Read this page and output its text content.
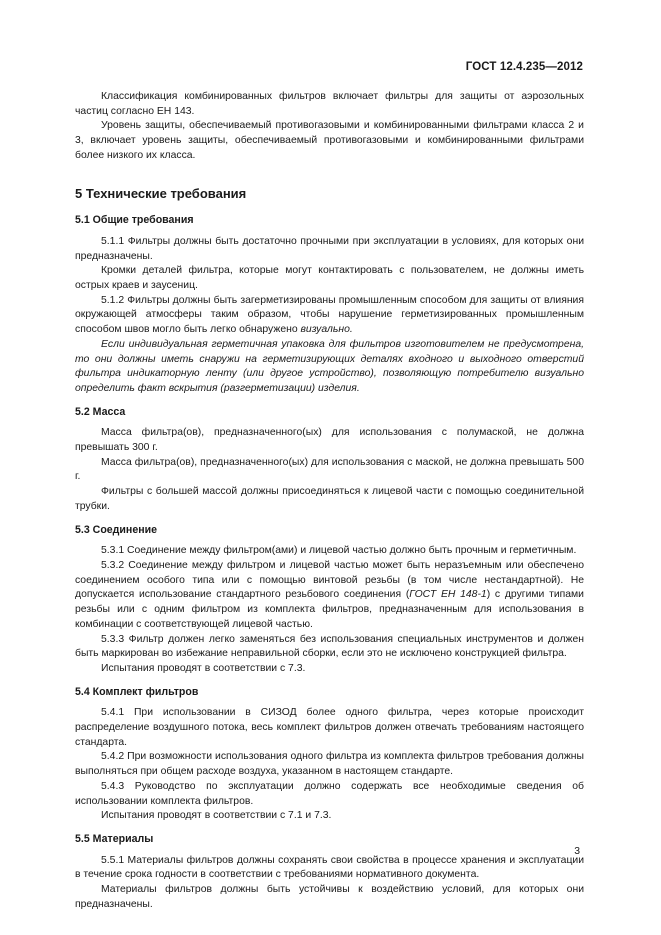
ГОСТ 12.4.235—2012

Классификация комбинированных фильтров включает фильтры для защиты от аэрозольных частиц согласно ЕН 143.

Уровень защиты, обеспечиваемый противогазовыми и комбинированными фильтрами класса 2 и 3, включает уровень защиты, обеспечиваемый противогазовыми и комбинированными фильтрами более низкого их класса.

5 Технические требования
5.1 Общие требования

5.1.1 Фильтры должны быть достаточно прочными при эксплуатации в условиях, для которых они предназначены.

Кромки деталей фильтра, которые могут контактировать с пользователем, не должны иметь острых краев и заусениц.

5.1.2 Фильтры должны быть загерметизированы промышленным способом для защиты от влияния окружающей атмосферы таким образом, чтобы нарушение герметизированных промышленным способом швов могло быть легко обнаружено визуально.

Если индивидуальная герметичная упаковка для фильтров изготовителем не предусмотрена, то они должны иметь снаружи на герметизирующих деталях входного и выходного отверстий фильтра индикаторную ленту (или другое устройство), позволяющую потребителю визуально определить факт вскрытия (разгерметизации) изделия.

5.2 Масса

Масса фильтра(ов), предназначенного(ых) для использования с полумаской, не должна превышать 300 г.

Масса фильтра(ов), предназначенного(ых) для использования с маской, не должна превышать 500 г.

Фильтры с большей массой должны присоединяться к лицевой части с помощью соединительной трубки.

5.3 Соединение

5.3.1 Соединение между фильтром(ами) и лицевой частью должно быть прочным и герметичным.

5.3.2 Соединение между фильтром и лицевой частью может быть неразъемным или обеспечено соединением особого типа или с помощью винтовой резьбы (в том числе нестандартной). Не допускается использование стандартного резьбового соединения (ГОСТ ЕН 148-1) с другими типами резьбы или с одним фильтром из комплекта фильтров, предназначенным для использования в комбинации с соответствующей лицевой частью.

5.3.3 Фильтр должен легко заменяться без использования специальных инструментов и должен быть маркирован во избежание неправильной сборки, если это не исключено конструкцией фильтра.

Испытания проводят в соответствии с 7.3.

5.4 Комплект фильтров

5.4.1 При использовании в СИЗОД более одного фильтра, через которые происходит распределение воздушного потока, весь комплект фильтров должен отвечать требованиям настоящего стандарта.

5.4.2 При возможности использования одного фильтра из комплекта фильтров требования должны выполняться при общем расходе воздуха, указанном в настоящем стандарте.

5.4.3 Руководство по эксплуатации должно содержать все необходимые сведения об использовании комплекта фильтров.

Испытания проводят в соответствии с 7.1 и 7.3.

5.5 Материалы

5.5.1 Материалы фильтров должны сохранять свои свойства в процессе хранения и эксплуатации в течение срока годности в соответствии с требованиями нормативного документа.

Материалы фильтров должны быть устойчивы к воздействию условий, для которых они предназначены.

3
